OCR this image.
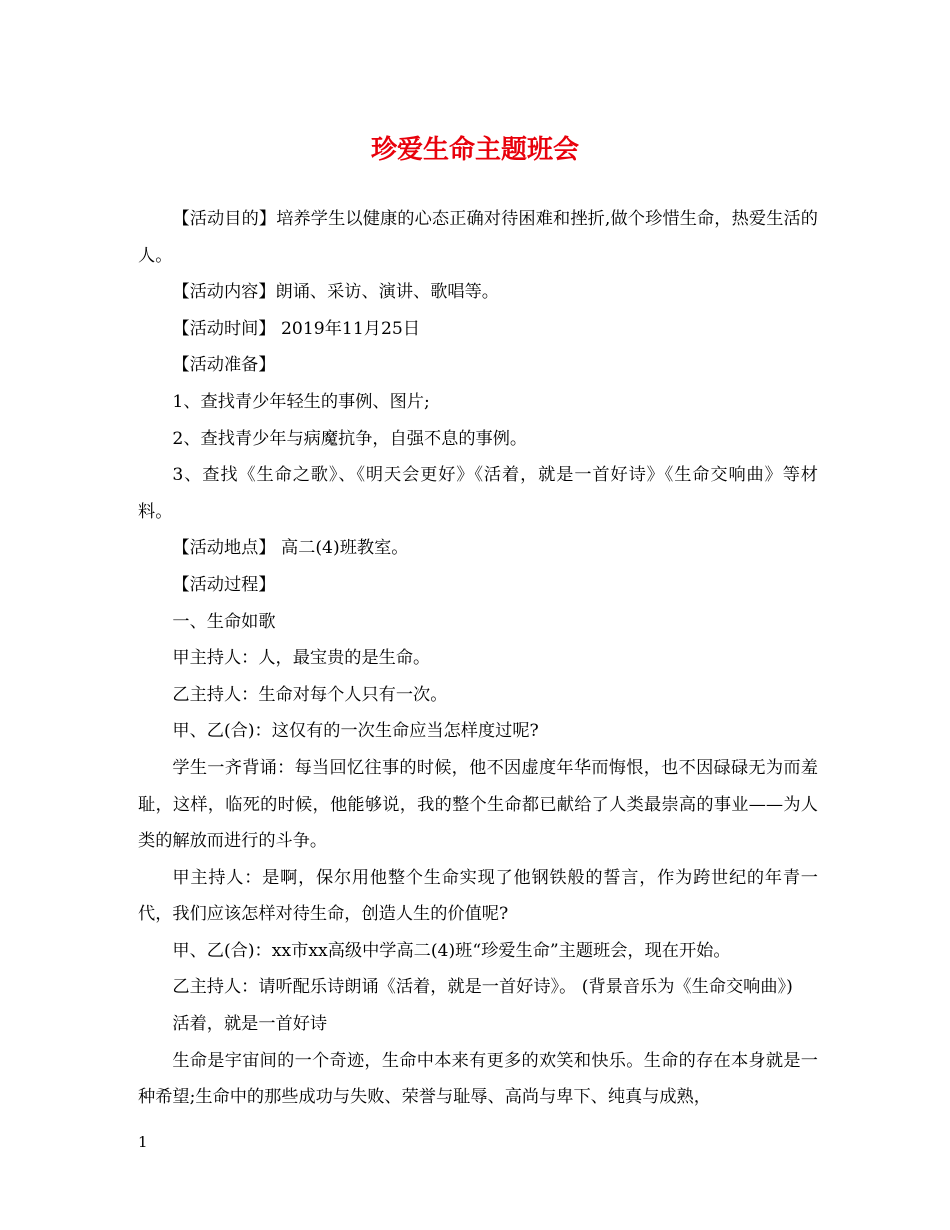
珍爱生命主题班会

【活动目的】培养学生以健康的心态正确对待困难和挫折,做个珍惜生命，热爱生活的人。

【活动内容】朗诵、采访、演讲、歌唱等。

【活动时间】 2019年11月25日

【活动准备】

1、查找青少年轻生的事例、图片;

2、查找青少年与病魔抗争，自强不息的事例。

3、查找《生命之歌》、《明天会更好》《活着，就是一首好诗》《生命交响曲》等材料。

【活动地点】 高二(4)班教室。

【活动过程】

一、生命如歌

甲主持人：人，最宝贵的是生命。

乙主持人：生命对每个人只有一次。

甲、乙(合)：这仅有的一次生命应当怎样度过呢?

学生一齐背诵：每当回忆往事的时候，他不因虚度年华而悔恨，也不因碌碌无为而羞耻，这样，临死的时候，他能够说，我的整个生命都已献给了人类最崇高的事业——为人类的解放而进行的斗争。

甲主持人：是啊，保尔用他整个生命实现了他钢铁般的誓言，作为跨世纪的年青一代，我们应该怎样对待生命，创造人生的价值呢?

甲、乙(合)：xx市xx高级中学高二(4)班“珍爱生命”主题班会，现在开始。

乙主持人：请听配乐诗朗诵《活着，就是一首好诗》。 (背景音乐为《生命交响曲》)

活着，就是一首好诗

生命是宇宙间的一个奇迹，生命中本来有更多的欢笑和快乐。生命的存在本身就是一种希望;生命中的那些成功与失败、荣誉与耻辱、高尚与卑下、纯真与成熟，

1
